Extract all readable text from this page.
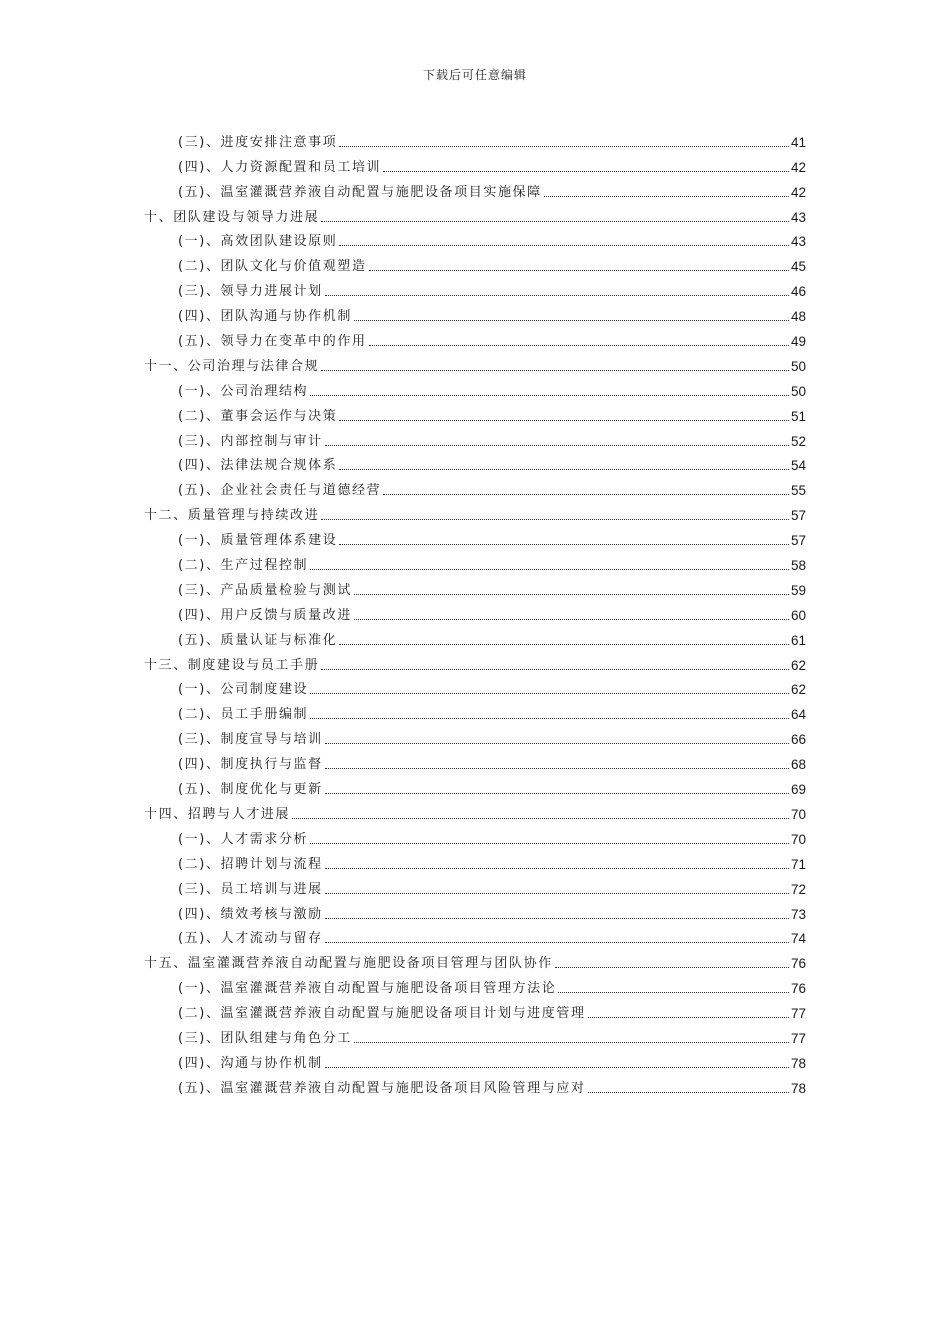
下载后可任意编辑
(三)、进度安排注意事项	41
(四)、人力资源配置和员工培训	42
(五)、温室灌溉营养液自动配置与施肥设备项目实施保障	42
十、团队建设与领导力进展	43
(一)、高效团队建设原则	43
(二)、团队文化与价值观塑造	45
(三)、领导力进展计划	46
(四)、团队沟通与协作机制	48
(五)、领导力在变革中的作用	49
十一、公司治理与法律合规	50
(一)、公司治理结构	50
(二)、董事会运作与决策	51
(三)、内部控制与审计	52
(四)、法律法规合规体系	54
(五)、企业社会责任与道德经营	55
十二、质量管理与持续改进	57
(一)、质量管理体系建设	57
(二)、生产过程控制	58
(三)、产品质量检验与测试	59
(四)、用户反馈与质量改进	60
(五)、质量认证与标准化	61
十三、制度建设与员工手册	62
(一)、公司制度建设	62
(二)、员工手册编制	64
(三)、制度宣导与培训	66
(四)、制度执行与监督	68
(五)、制度优化与更新	69
十四、招聘与人才进展	70
(一)、人才需求分析	70
(二)、招聘计划与流程	71
(三)、员工培训与进展	72
(四)、绩效考核与激励	73
(五)、人才流动与留存	74
十五、温室灌溉营养液自动配置与施肥设备项目管理与团队协作	76
(一)、温室灌溉营养液自动配置与施肥设备项目管理方法论	76
(二)、温室灌溉营养液自动配置与施肥设备项目计划与进度管理	77
(三)、团队组建与角色分工	77
(四)、沟通与协作机制	78
(五)、温室灌溉营养液自动配置与施肥设备项目风险管理与应对	78
